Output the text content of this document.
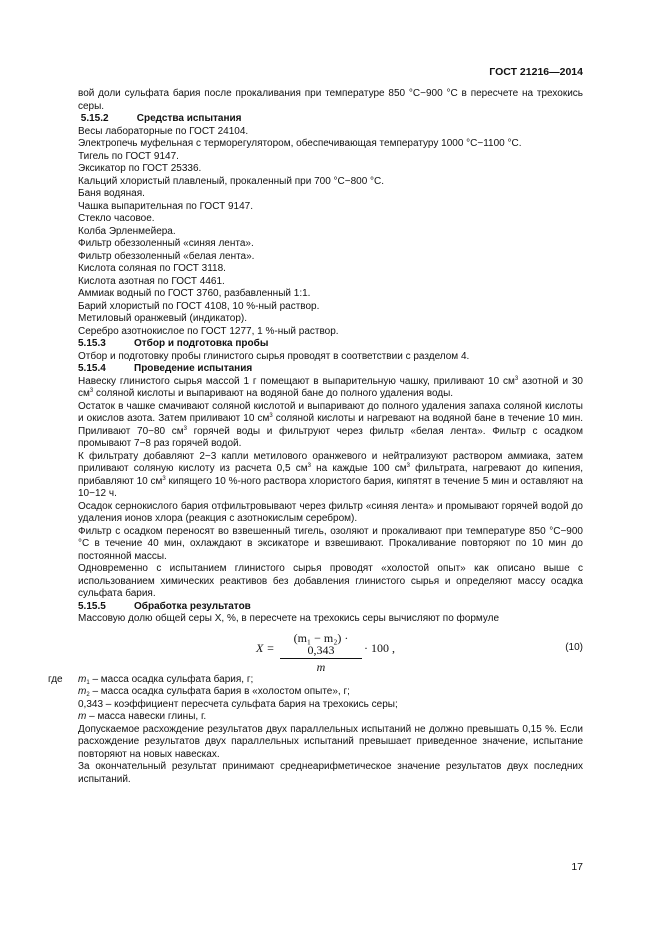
ГОСТ 21216—2014

вой доли сульфата бария после прокаливания при температуре 850 °С−900 °С в пересчете на трехокись серы.

5.15.2	Средства испытания

Весы лабораторные по ГОСТ 24104.

Электропечь муфельная с терморегулятором, обеспечивающая температуру 1000 °С−1100 °С.

Тигель по ГОСТ 9147.

Эксикатор по ГОСТ 25336.

Кальций хлористый плавленый, прокаленный при 700 °С−800 °С.

Баня водяная.

Чашка выпарительная по ГОСТ 9147.

Стекло часовое.

Колба Эрленмейера.

Фильтр обеззоленный «синяя лента».

Фильтр обеззоленный «белая лента».

Кислота соляная по ГОСТ 3118.

Кислота азотная по ГОСТ 4461.

Аммиак водный по ГОСТ 3760, разбавленный 1:1.

Барий хлористый по ГОСТ 4108, 10 %-ный раствор.

Метиловый оранжевый (индикатор).

Серебро азотнокислое по ГОСТ 1277, 1 %-ный раствор.

5.15.3	Отбор и подготовка пробы

Отбор и подготовку пробы глинистого сырья проводят в соответствии с разделом 4.

5.15.4	Проведение испытания

Навеску глинистого сырья массой 1 г помещают в выпарительную чашку, приливают 10 $см^3$ азотной и 30 $см^3$ соляной кислоты и выпаривают на водяной бане до полного удаления воды.

Остаток в чашке смачивают соляной кислотой и выпаривают до полного удаления запаха соляной кислоты и окислов азота. Затем приливают 10 $см^3$ соляной кислоты и нагревают на водяной бане в течение 10 мин. Приливают 70−80 $см^3$ горячей воды и фильтруют через фильтр «белая лента». Фильтр с осадком промывают 7−8 раз горячей водой.

К фильтрату добавляют 2−3 капли метилового оранжевого и нейтрализуют раствором аммиака, затем приливают соляную кислоту из расчета 0,5 $см^3$ на каждые 100 $см^3$ фильтрата, нагревают до кипения, прибавляют 10 $см^3$ кипящего 10 %-ного раствора хлористого бария, кипятят в течение 5 мин и оставляют на 10−12 ч.

Осадок сернокислого бария отфильтровывают через фильтр «синяя лента» и промывают горячей водой до удаления ионов хлора (реакция с азотнокислым серебром).

Фильтр с осадком переносят во взвешенный тигель, озоляют и прокаливают при температуре 850 °С−900 °С в течение 40 мин, охлаждают в эксикаторе и взвешивают. Прокаливание повторяют по 10 мин до постоянной массы.

Одновременно с испытанием глинистого сырья проводят «холостой опыт» как описано выше с использованием химических реактивов без добавления глинистого сырья и определяют массу осадка сульфата бария.

5.15.5	Обработка результатов

Массовую долю общей серы X, %, в пересчете на трехокись серы вычисляют по формуле

$X = \frac{\text{(m₁ − m₂) · 0,343}}{m} \cdot 100$ ,	(10)
где $m_1$ – масса осадка сульфата бария, г;

$m_2$ – масса осадка сульфата бария в «холостом опыте», г;

0,343 – коэффициент пересчета сульфата бария на трехокись серы;

m – масса навески глины, г.

Допускаемое расхождение результатов двух параллельных испытаний не должно превышать 0,15 %. Если расхождение результатов двух параллельных испытаний превышает приведенное значение, испытание повторяют на новых навесках.

За окончательный результат принимают среднеарифметическое значение результатов двух последних испытаний.

17
